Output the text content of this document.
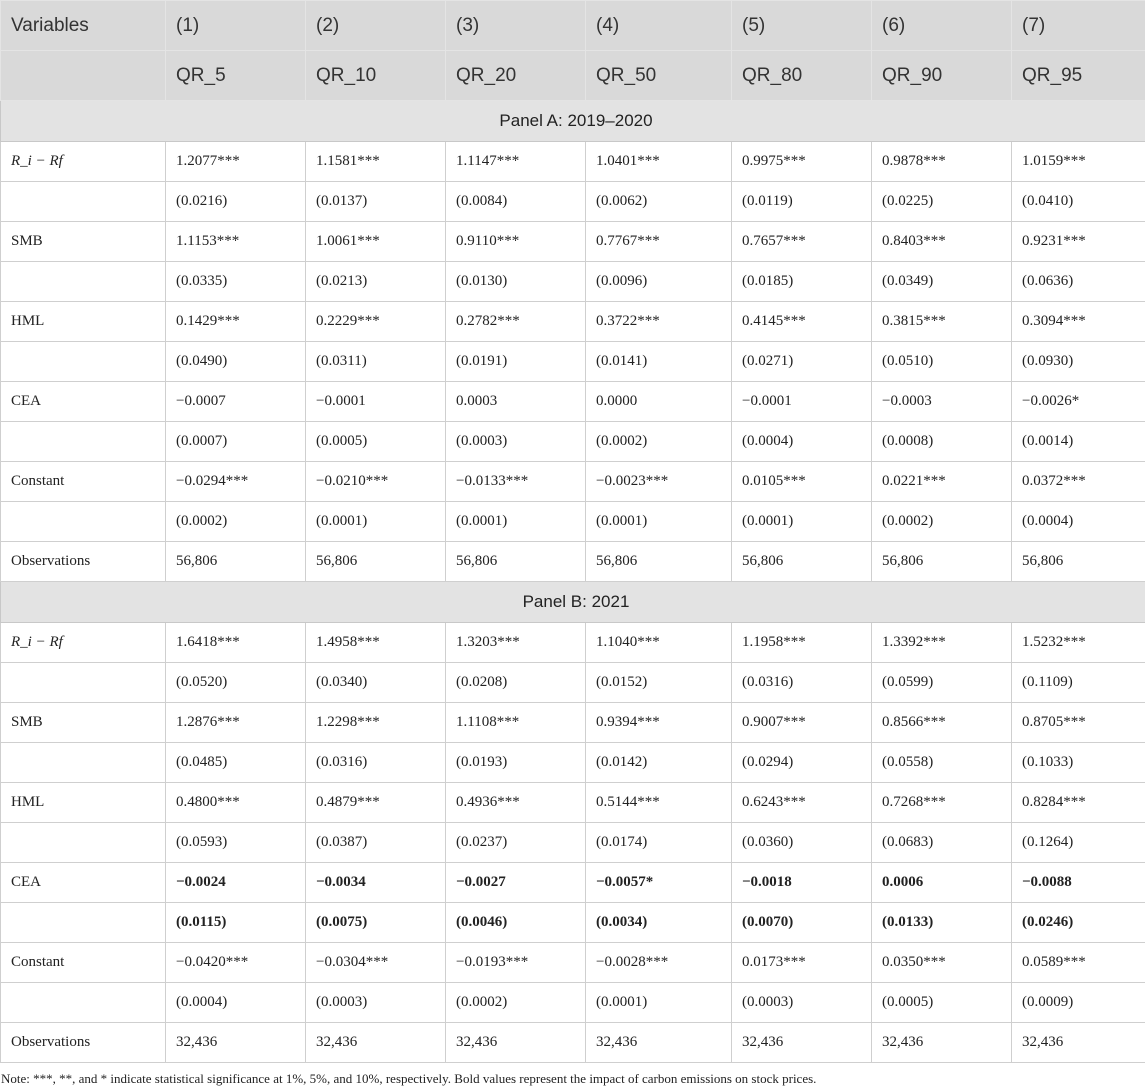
Variables	(1)	(2)	(3)	(4)	(5)	(6)	(7)
	QR_5	QR_10	QR_20	QR_50	QR_80	QR_90	QR_95
Panel A: 2019–2020							
R_i − Rf	1.2077***	1.1581***	1.1147***	1.0401***	0.9975***	0.9878***	1.0159***
	(0.0216)	(0.0137)	(0.0084)	(0.0062)	(0.0119)	(0.0225)	(0.0410)
SMB	1.1153***	1.0061***	0.9110***	0.7767***	0.7657***	0.8403***	0.9231***
	(0.0335)	(0.0213)	(0.0130)	(0.0096)	(0.0185)	(0.0349)	(0.0636)
HML	0.1429***	0.2229***	0.2782***	0.3722***	0.4145***	0.3815***	0.3094***
	(0.0490)	(0.0311)	(0.0191)	(0.0141)	(0.0271)	(0.0510)	(0.0930)
CEA	−0.0007	−0.0001	0.0003	0.0000	−0.0001	−0.0003	−0.0026*
	(0.0007)	(0.0005)	(0.0003)	(0.0002)	(0.0004)	(0.0008)	(0.0014)
Constant	−0.0294***	−0.0210***	−0.0133***	−0.0023***	0.0105***	0.0221***	0.0372***
	(0.0002)	(0.0001)	(0.0001)	(0.0001)	(0.0001)	(0.0002)	(0.0004)
Observations	56,806	56,806	56,806	56,806	56,806	56,806	56,806
Panel B: 2021							
R_i − Rf	1.6418***	1.4958***	1.3203***	1.1040***	1.1958***	1.3392***	1.5232***
	(0.0520)	(0.0340)	(0.0208)	(0.0152)	(0.0316)	(0.0599)	(0.1109)
SMB	1.2876***	1.2298***	1.1108***	0.9394***	0.9007***	0.8566***	0.8705***
	(0.0485)	(0.0316)	(0.0193)	(0.0142)	(0.0294)	(0.0558)	(0.1033)
HML	0.4800***	0.4879***	0.4936***	0.5144***	0.6243***	0.7268***	0.8284***
	(0.0593)	(0.0387)	(0.0237)	(0.0174)	(0.0360)	(0.0683)	(0.1264)
CEA	−0.0024	−0.0034	−0.0027	−0.0057*	−0.0018	0.0006	−0.0088
	(0.0115)	(0.0075)	(0.0046)	(0.0034)	(0.0070)	(0.0133)	(0.0246)
Constant	−0.0420***	−0.0304***	−0.0193***	−0.0028***	0.0173***	0.0350***	0.0589***
	(0.0004)	(0.0003)	(0.0002)	(0.0001)	(0.0003)	(0.0005)	(0.0009)
Observations	32,436	32,436	32,436	32,436	32,436	32,436	32,436
Note: ***, **, and * indicate statistical significance at 1%, 5%, and 10%, respectively. Bold values represent the impact of carbon emissions on stock prices.
